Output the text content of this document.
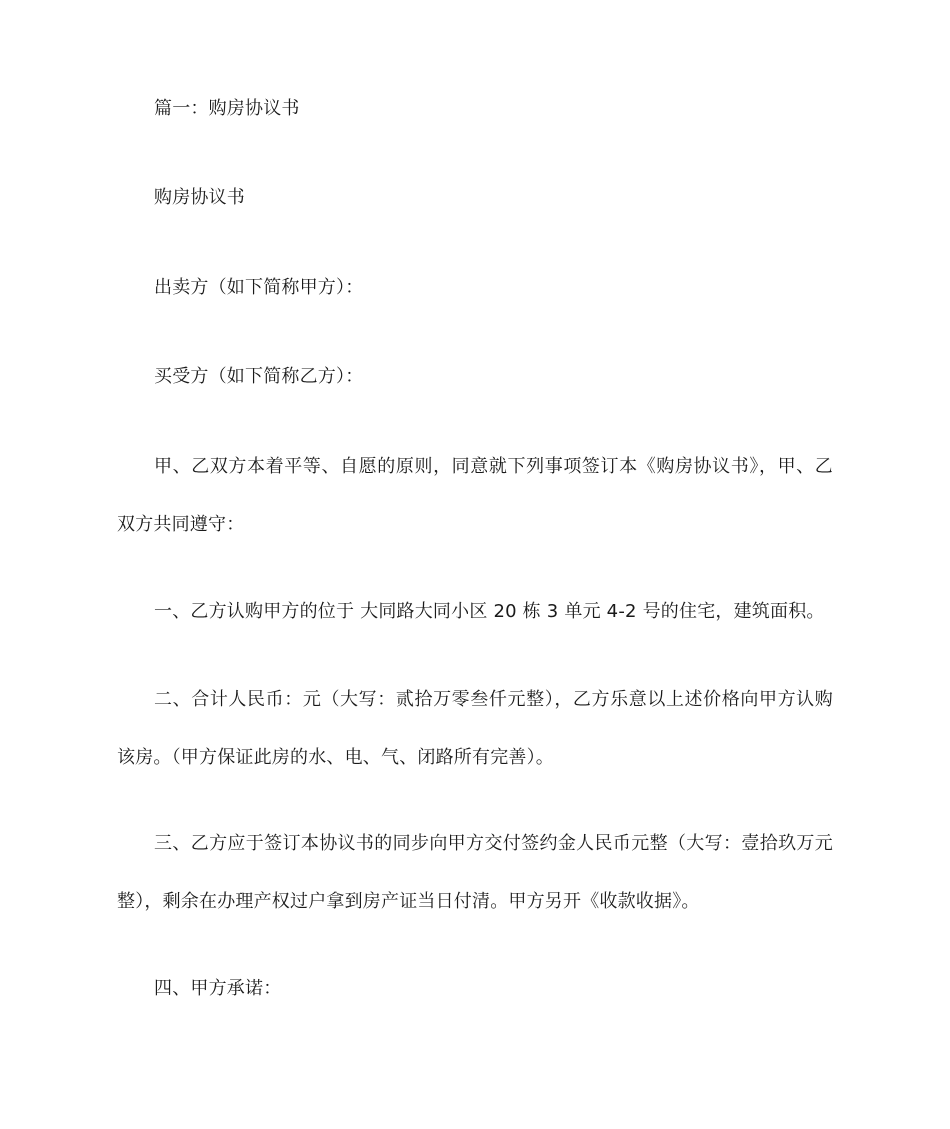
篇一：购房协议书

购房协议书

出卖方（如下简称甲方）：

买受方（如下简称乙方）：

甲、乙双方本着平等、自愿的原则，同意就下列事项签订本《购房协议书》，甲、乙双方共同遵守：

一、乙方认购甲方的位于 大同路大同小区 20 栋 3 单元 4-2 号的住宅，建筑面积。

二、合计人民币：元（大写：贰拾万零叁仟元整），乙方乐意以上述价格向甲方认购该房。（甲方保证此房的水、电、气、闭路所有完善）。

三、乙方应于签订本协议书的同步向甲方交付签约金人民币元整（大写：壹拾玖万元整），剩余在办理产权过户拿到房产证当日付清。甲方另开《收款收据》。

四、甲方承诺：
